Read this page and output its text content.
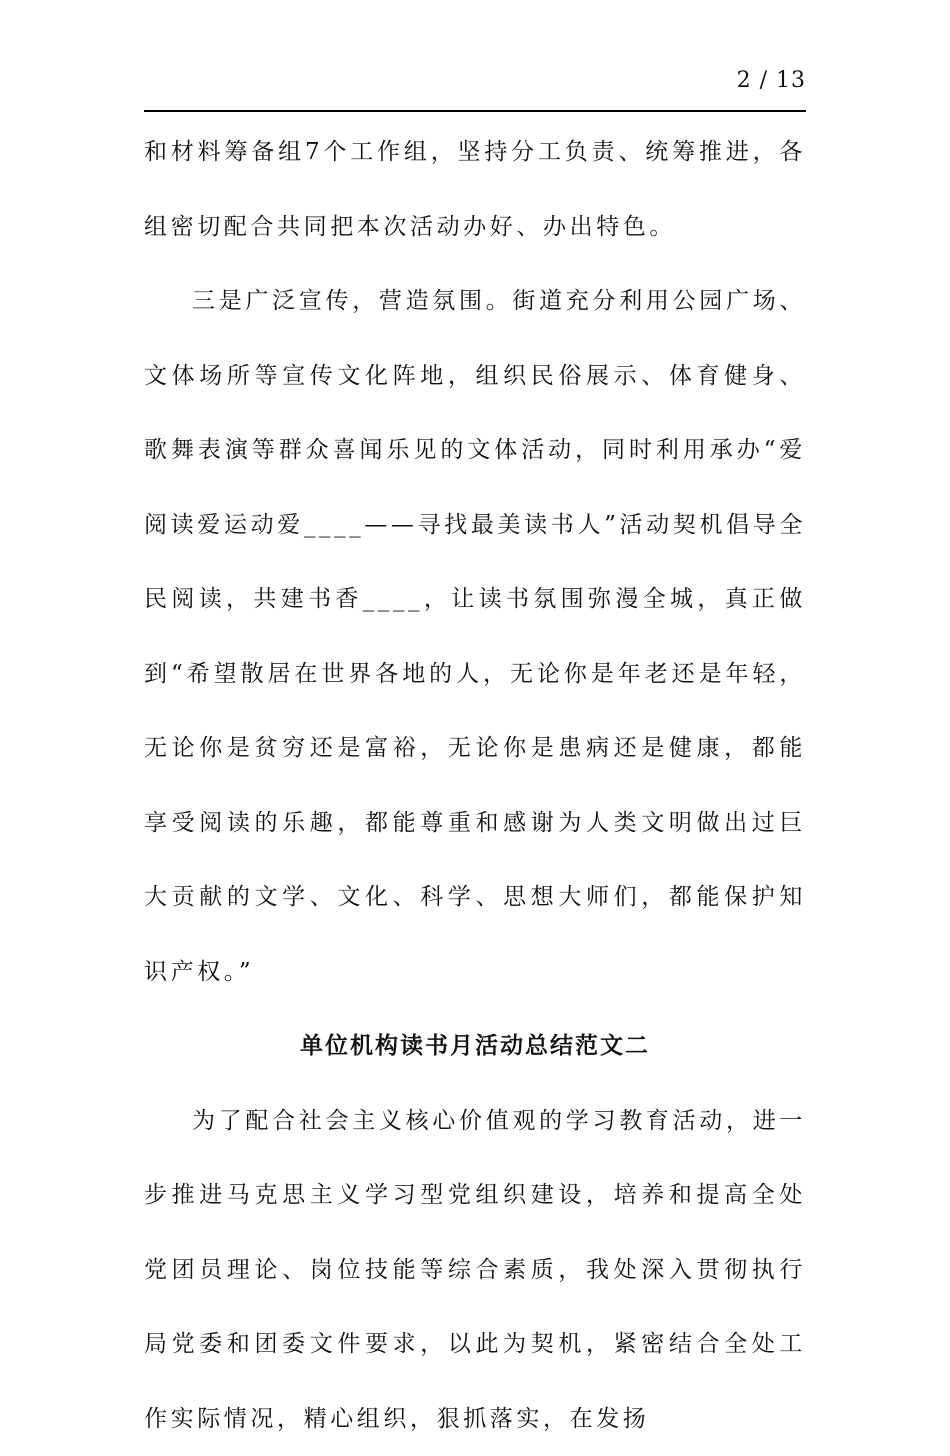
2 / 13

和材料筹备组7个工作组，坚持分工负责、统筹推进，各组密切配合共同把本次活动办好、办出特色。

三是广泛宣传，营造氛围。街道充分利用公园广场、文体场所等宣传文化阵地，组织民俗展示、体育健身、歌舞表演等群众喜闻乐见的文体活动，同时利用承办“爱阅读爱运动爱____——寻找最美读书人”活动契机倡导全民阅读，共建书香____，让读书氛围弥漫全城，真正做到“希望散居在世界各地的人，无论你是年老还是年轻，无论你是贫穷还是富裕，无论你是患病还是健康，都能享受阅读的乐趣，都能尊重和感谢为人类文明做出过巨大贡献的文学、文化、科学、思想大师们，都能保护知识产权。”

单位机构读书月活动总结范文二

为了配合社会主义核心价值观的学习教育活动，进一步推进马克思主义学习型党组织建设，培养和提高全处党团员理论、岗位技能等综合素质，我处深入贯彻执行局党委和团委文件要求，以此为契机，紧密结合全处工作实际情况，精心组织，狠抓落实，在发扬
